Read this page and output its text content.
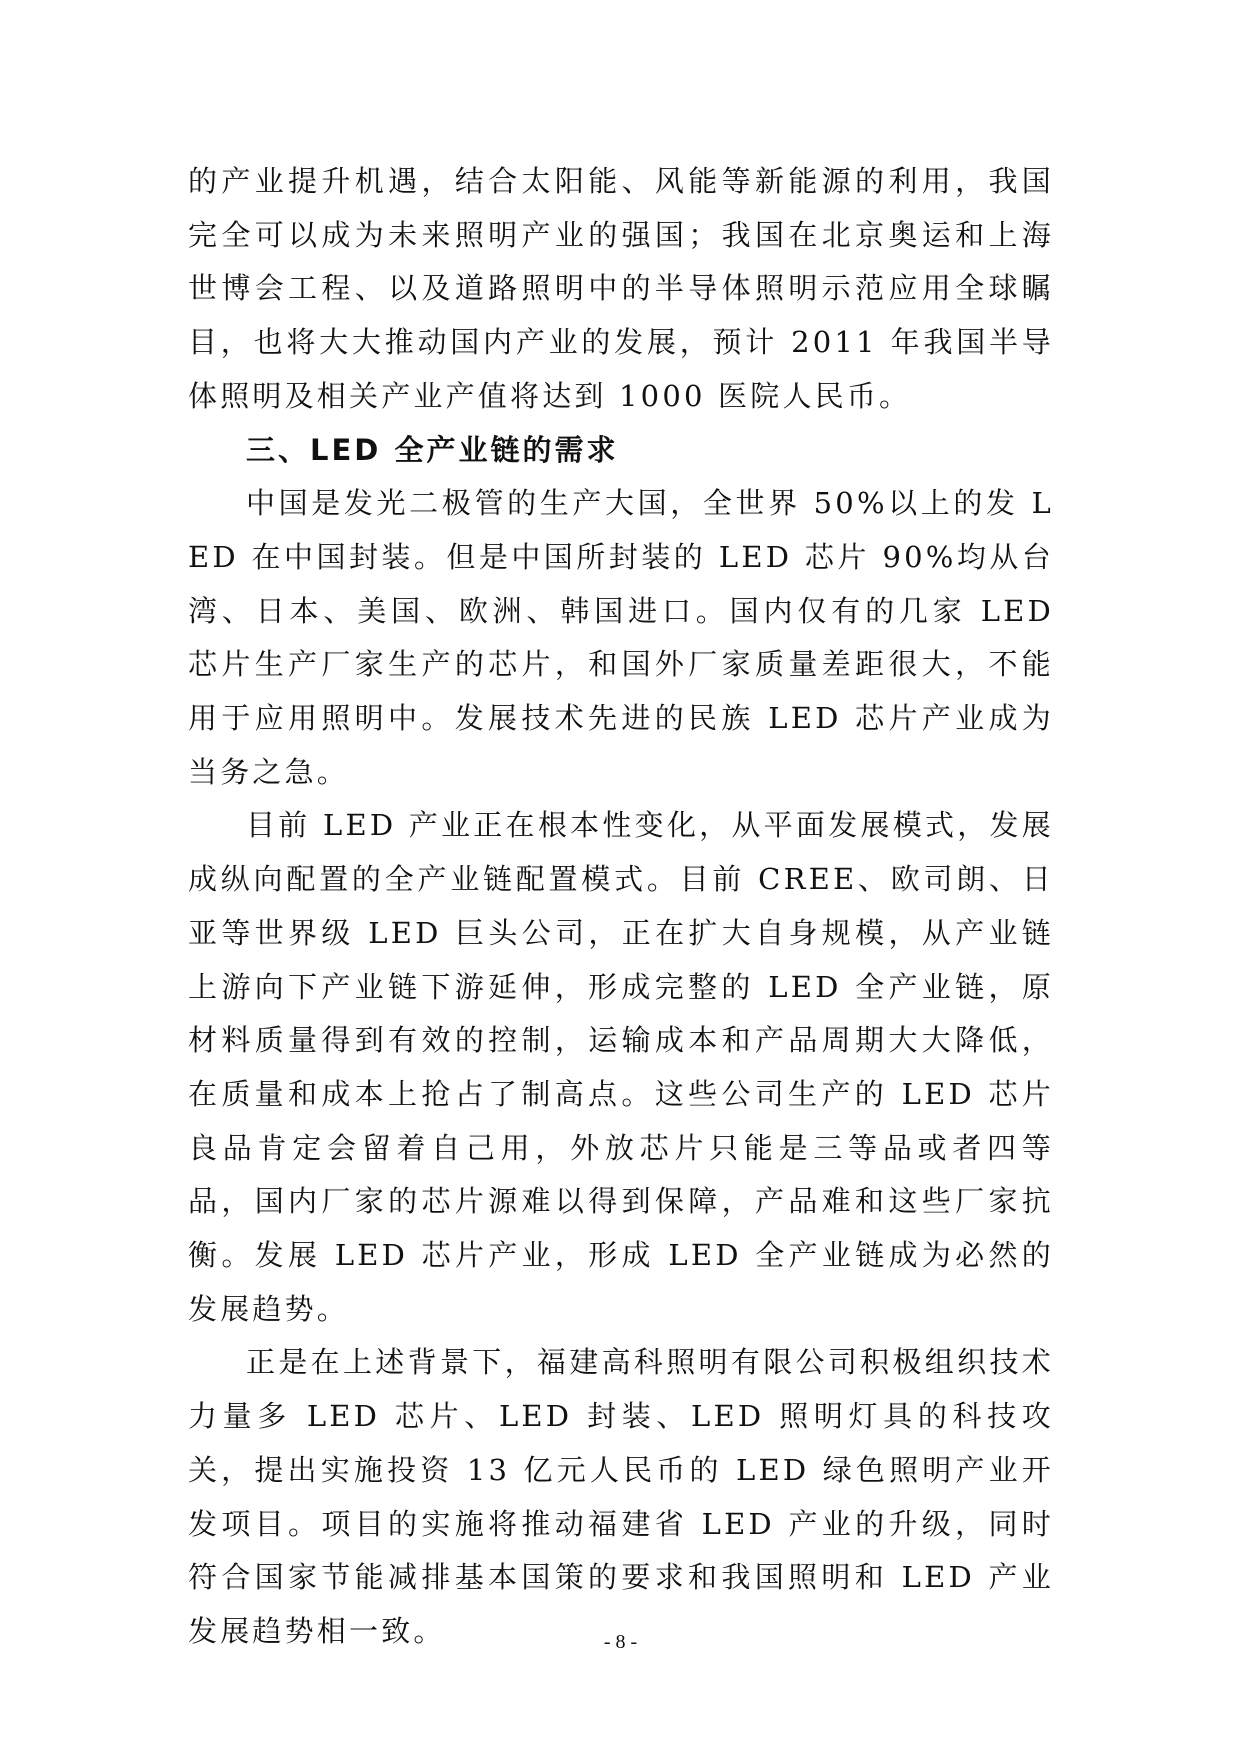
的产业提升机遇，结合太阳能、风能等新能源的利用，我国完全可以成为未来照明产业的强国；我国在北京奥运和上海世博会工程、以及道路照明中的半导体照明示范应用全球瞩目，也将大大推动国内产业的发展，预计 2011 年我国半导体照明及相关产业产值将达到 1000 医院人民币。

三、LED 全产业链的需求

中国是发光二极管的生产大国，全世界 50%以上的发 LED 在中国封装。但是中国所封装的 LED 芯片 90%均从台湾、日本、美国、欧洲、韩国进口。国内仅有的几家 LED 芯片生产厂家生产的芯片，和国外厂家质量差距很大，不能用于应用照明中。发展技术先进的民族 LED 芯片产业成为当务之急。

目前 LED 产业正在根本性变化，从平面发展模式，发展成纵向配置的全产业链配置模式。目前 CREE、欧司朗、日亚等世界级 LED 巨头公司，正在扩大自身规模，从产业链上游向下产业链下游延伸，形成完整的 LED 全产业链，原材料质量得到有效的控制，运输成本和产品周期大大降低，在质量和成本上抢占了制高点。这些公司生产的 LED 芯片良品肯定会留着自己用，外放芯片只能是三等品或者四等品，国内厂家的芯片源难以得到保障，产品难和这些厂家抗衡。发展 LED 芯片产业，形成 LED 全产业链成为必然的发展趋势。

正是在上述背景下，福建高科照明有限公司积极组织技术力量多 LED 芯片、LED 封装、LED 照明灯具的科技攻关，提出实施投资 13 亿元人民币的 LED 绿色照明产业开发项目。项目的实施将推动福建省 LED 产业的升级，同时符合国家节能减排基本国策的要求和我国照明和 LED 产业发展趋势相一致。	- 8 -
